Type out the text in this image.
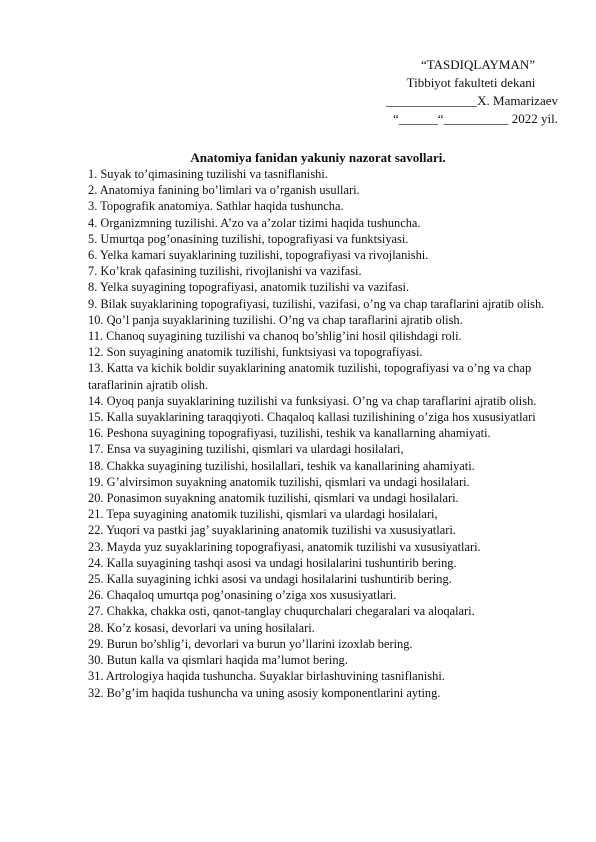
“TASDIQLAYMAN”
Tibbiyot fakulteti dekani
______________X. Mamarizaev
“______“__________ 2022 yil.
Anatomiya fanidan yakuniy nazorat savollari.
1. Suyak to’qimasining tuzilishi va tasniflanishi.
2. Anatomiya fanining bo’limlari va o’rganish usullari.
3. Topografik anatomiya. Sathlar haqida tushuncha.
4. Organizmning tuzilishi. A’zo va a’zolar tizimi haqida tushuncha.
5. Umurtqa pog’onasining tuzilishi, topografiyasi va funktsiyasi.
6. Yelka kamari suyaklarining tuzilishi, topografiyasi va rivojlanishi.
7. Ko’krak qafasining tuzilishi, rivojlanishi va vazifasi.
8. Yelka suyagining topografiyasi, anatomik tuzilishi va vazifasi.
9. Bilak suyaklarining topografiyasi, tuzilishi, vazifasi, o’ng va chap taraflarini ajratib olish.
10. Qo’l panja suyaklarining tuzilishi. O’ng va chap taraflarini ajratib olish.
11. Chanoq suyagining tuzilishi va chanoq bo’shlig’ini hosil qilishdagi roli.
12. Son suyagining anatomik tuzilishi, funktsiyasi va topografiyasi.
13. Katta va kichik boldir suyaklarining anatomik tuzilishi, topografiyasi va o’ng va chap taraflarinin ajratib olish.
14. Oyoq panja suyaklarining tuzilishi va funksiyasi. O’ng va chap taraflarini ajratib olish.
15. Kalla suyaklarining taraqqiyoti. Chaqaloq kallasi tuzilishining o’ziga hos xususiyatlari
16. Peshona suyagining topografiyasi, tuzilishi, teshik va kanallarning ahamiyati.
17. Ensa va suyagining tuzilishi, qismlari va ulardagi hosilalari,
18. Chakka suyagining tuzilishi, hosilallari, teshik va kanallarining ahamiyati.
19. G’alvirsimon suyakning anatomik tuzilishi, qismlari va undagi hosilalari.
20. Ponasimon suyakning anatomik tuzilishi, qismlari va undagi hosilalari.
21. Tepa suyagining anatomik tuzilishi, qismlari va ulardagi hosilalari,
22. Yuqori va pastki jag’ suyaklarining anatomik tuzilishi va xususiyatlari.
23. Mayda yuz suyaklarining topografiyasi, anatomik tuzilishi va xususiyatlari.
24. Kalla suyagining tashqi asosi va undagi hosilalarini tushuntirib bering.
25. Kalla suyagining ichki asosi va undagi hosilalarini tushuntirib bering.
26. Chaqaloq umurtqa pog’onasining o’ziga xos xususiyatlari.
27. Chakka, chakka osti, qanot-tanglay chuqurchalari chegaralari va aloqalari.
28. Ko’z kosasi, devorlari va uning hosilalari.
29. Burun bo’shlig’i, devorlari va burun yo’llarini izoxlab bering.
30. Butun kalla va qismlari haqida ma’lumot bering.
31. Artrologiya haqida tushuncha. Suyaklar birlashuvining tasniflanishi.
32. Bo’g’im haqida tushuncha va uning asosiy komponentlarini ayting.
